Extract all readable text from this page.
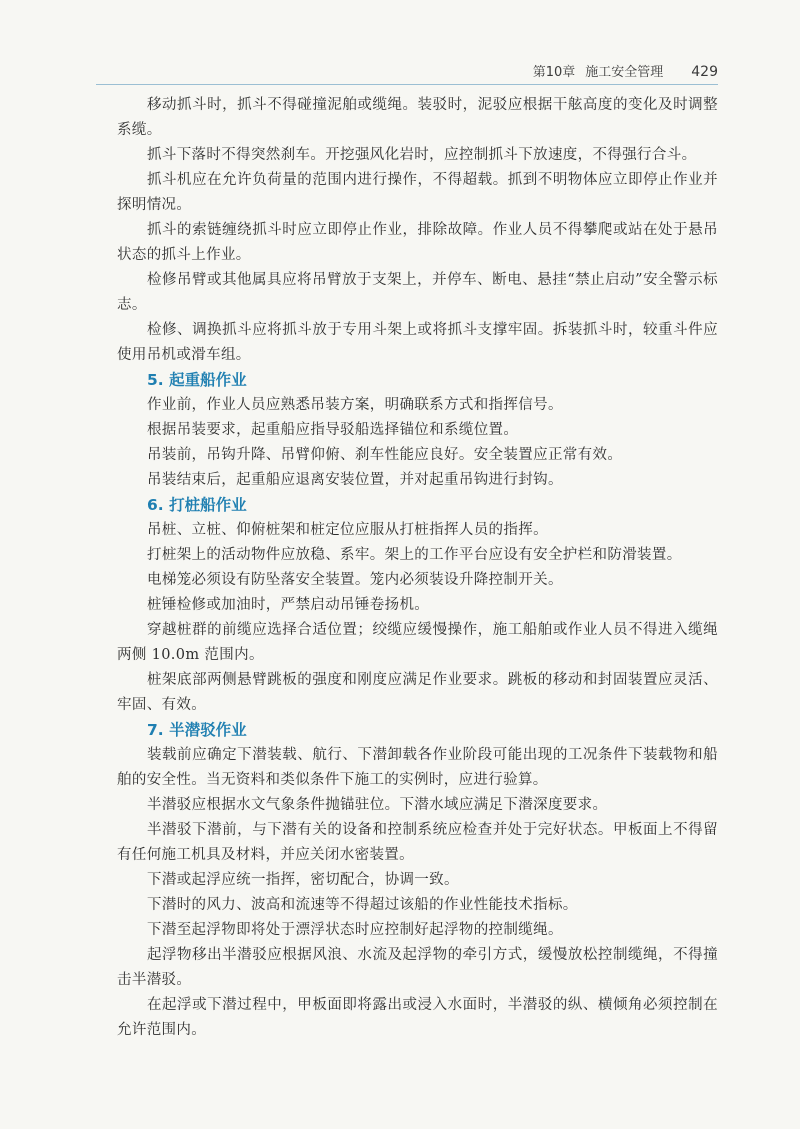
第10章 施工安全管理 429

移动抓斗时，抓斗不得碰撞泥舶或缆绳。装驳时，泥驳应根据干舷高度的变化及时调整系缆。

抓斗下落时不得突然刹车。开挖强风化岩时，应控制抓斗下放速度，不得强行合斗。

抓斗机应在允许负荷量的范围内进行操作，不得超载。抓到不明物体应立即停止作业并探明情况。

抓斗的索链缠绕抓斗时应立即停止作业，排除故障。作业人员不得攀爬或站在处于悬吊状态的抓斗上作业。

检修吊臂或其他属具应将吊臂放于支架上，并停车、断电、悬挂“禁止启动”安全警示标志。

检修、调换抓斗应将抓斗放于专用斗架上或将抓斗支撑牢固。拆装抓斗时，较重斗件应使用吊机或滑车组。

5. 起重船作业

作业前，作业人员应熟悉吊装方案，明确联系方式和指挥信号。

根据吊装要求，起重船应指导驳船选择锚位和系缆位置。

吊装前，吊钩升降、吊臂仰俯、刹车性能应良好。安全装置应正常有效。

吊装结束后，起重船应退离安装位置，并对起重吊钩进行封钩。

6. 打桩船作业

吊桩、立桩、仰俯桩架和桩定位应服从打桩指挥人员的指挥。

打桩架上的活动物件应放稳、系牢。架上的工作平台应设有安全护栏和防滑装置。

电梯笼必须设有防坠落安全装置。笼内必须装设升降控制开关。

桩锤检修或加油时，严禁启动吊锤卷扬机。

穿越桩群的前缆应选择合适位置；绞缆应缓慢操作，施工船舶或作业人员不得进入缆绳两侧 10.0m 范围内。

桩架底部两侧悬臂跳板的强度和刚度应满足作业要求。跳板的移动和封固装置应灵活、牢固、有效。

7. 半潜驳作业

装载前应确定下潜装载、航行、下潜卸载各作业阶段可能出现的工况条件下装载物和船舶的安全性。当无资料和类似条件下施工的实例时，应进行验算。

半潜驳应根据水文气象条件抛锚驻位。下潜水域应满足下潜深度要求。

半潜驳下潜前，与下潜有关的设备和控制系统应检查并处于完好状态。甲板面上不得留有任何施工机具及材料，并应关闭水密装置。

下潜或起浮应统一指挥，密切配合，协调一致。

下潜时的风力、波高和流速等不得超过该船的作业性能技术指标。

下潜至起浮物即将处于漂浮状态时应控制好起浮物的控制缆绳。

起浮物移出半潜驳应根据风浪、水流及起浮物的牵引方式，缓慢放松控制缆绳，不得撞击半潜驳。

在起浮或下潜过程中，甲板面即将露出或浸入水面时，半潜驳的纵、横倾角必须控制在允许范围内。
